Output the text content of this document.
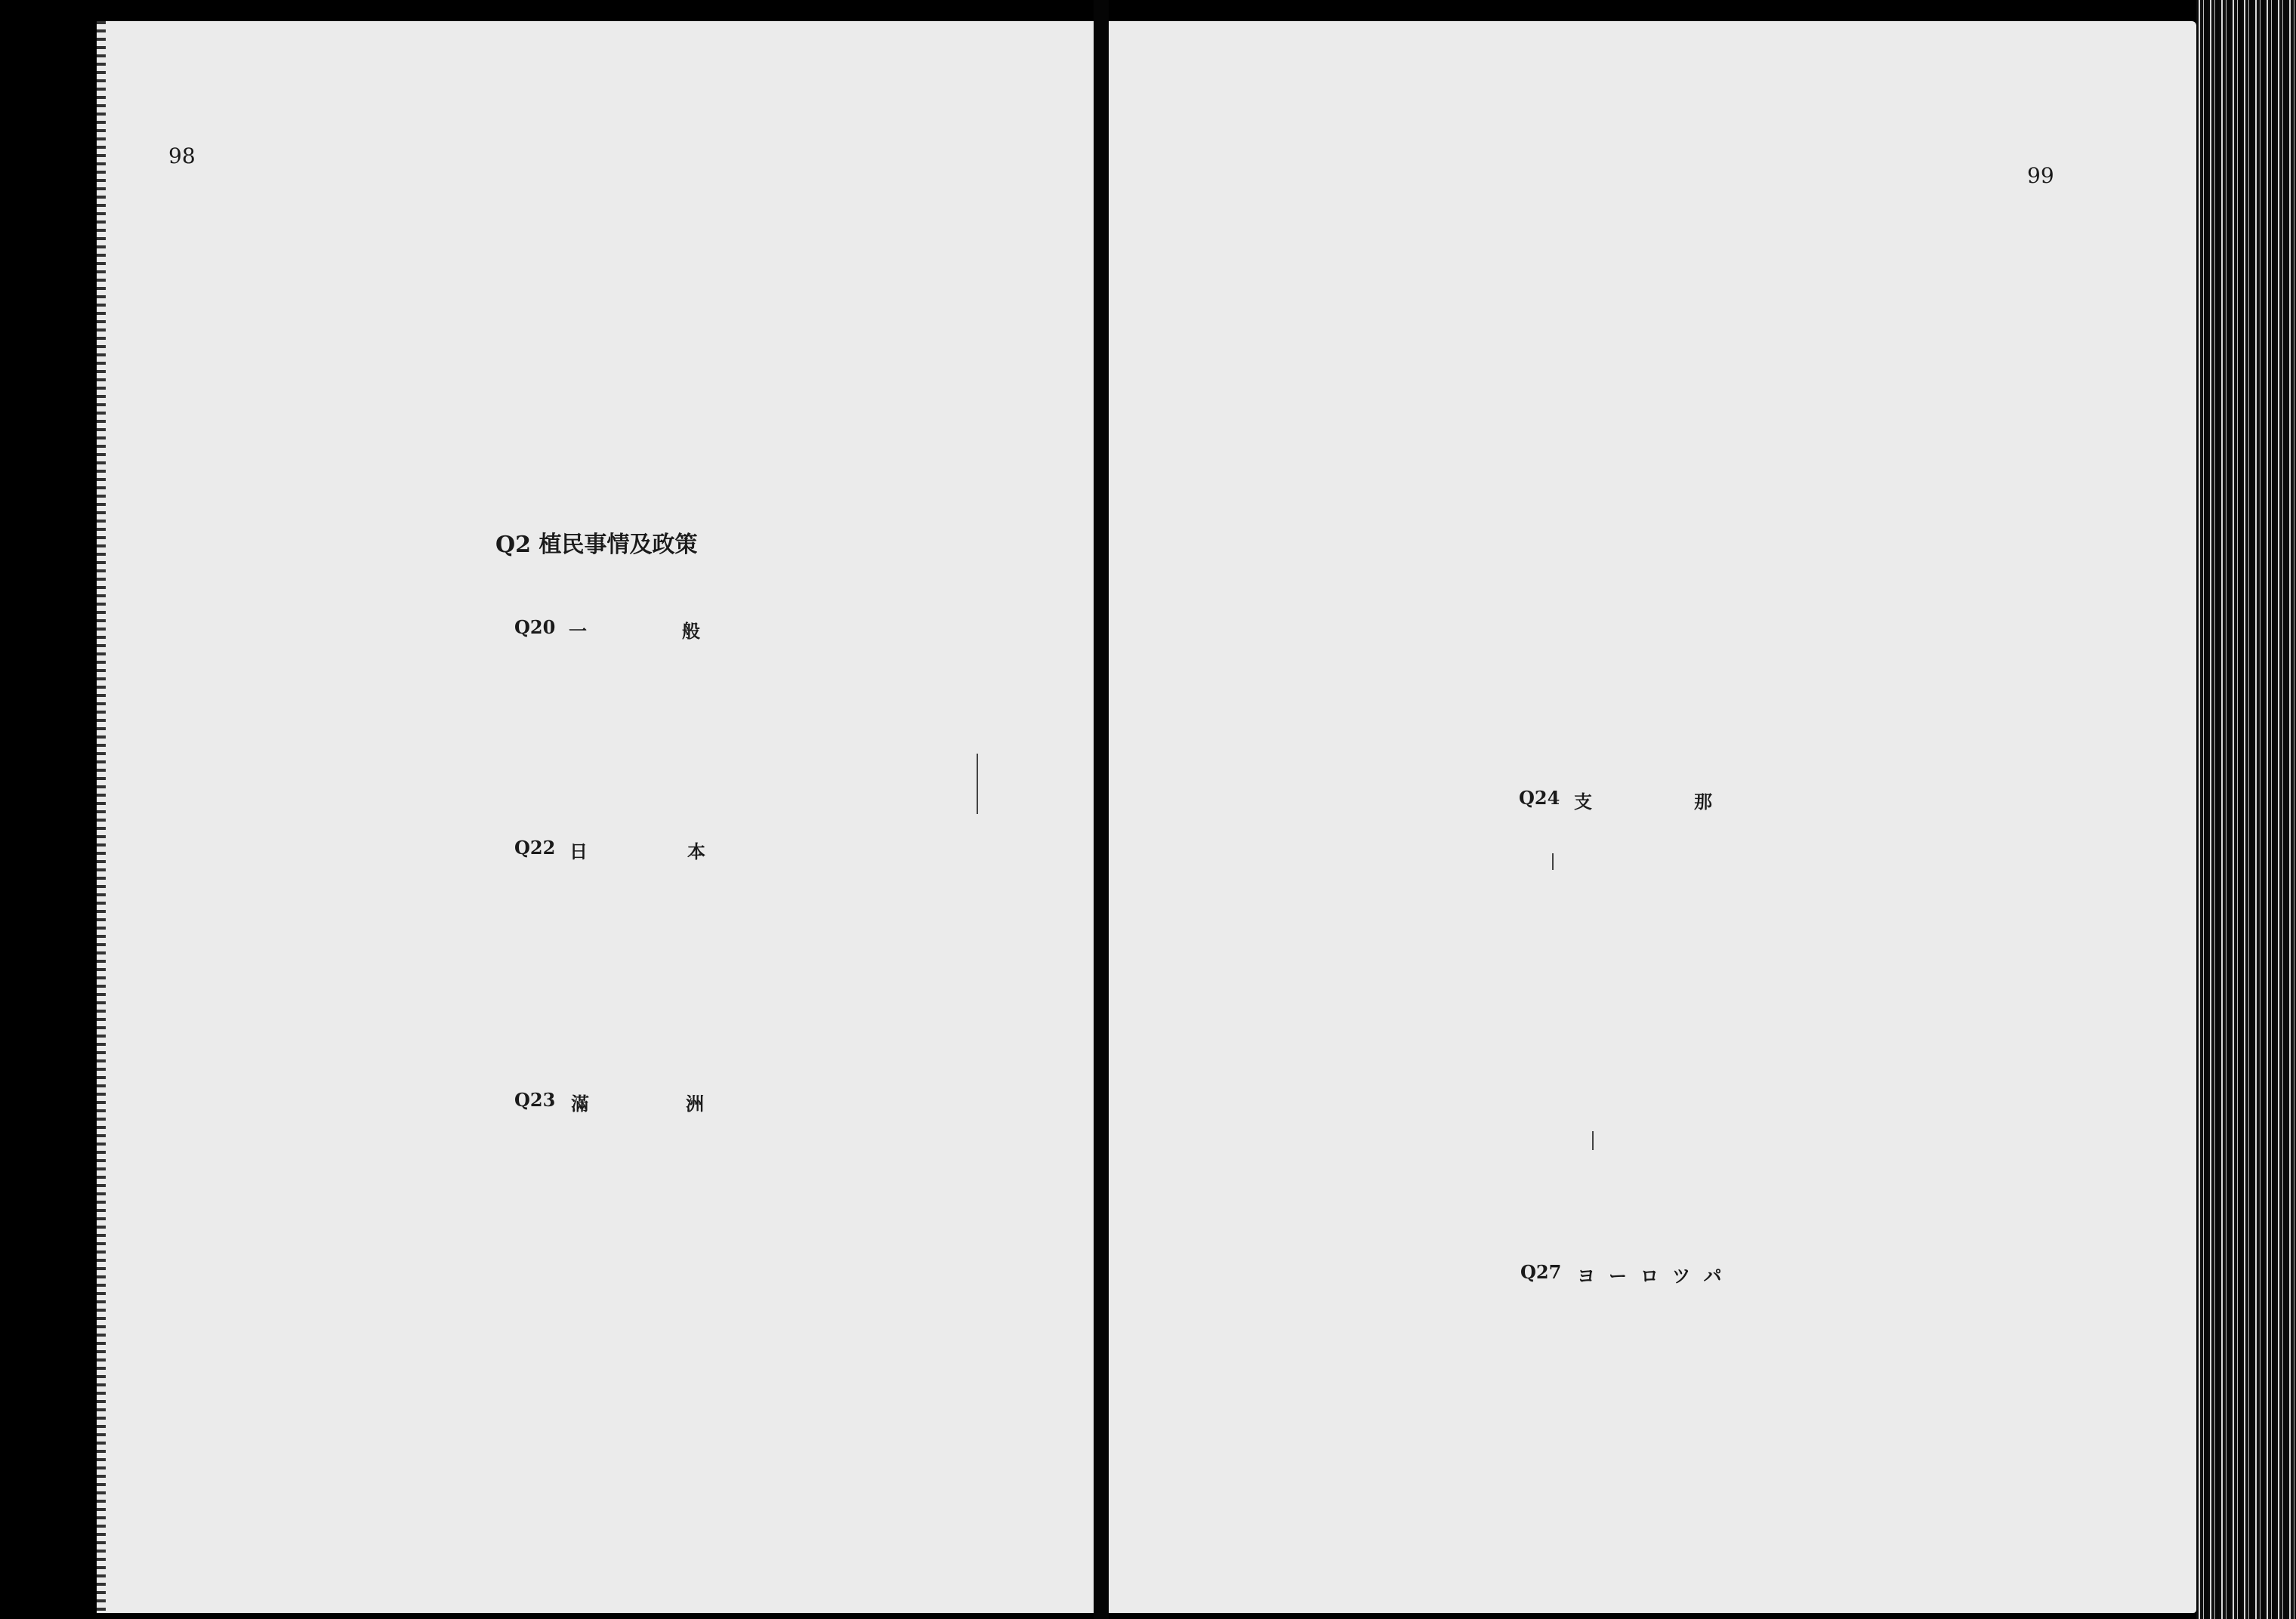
98
Q2 植民事情及政策
Q20 一	般
Q22 日	本
Q23 滿	洲
99
Q24 支	那
Q27 ヨーロツパ
